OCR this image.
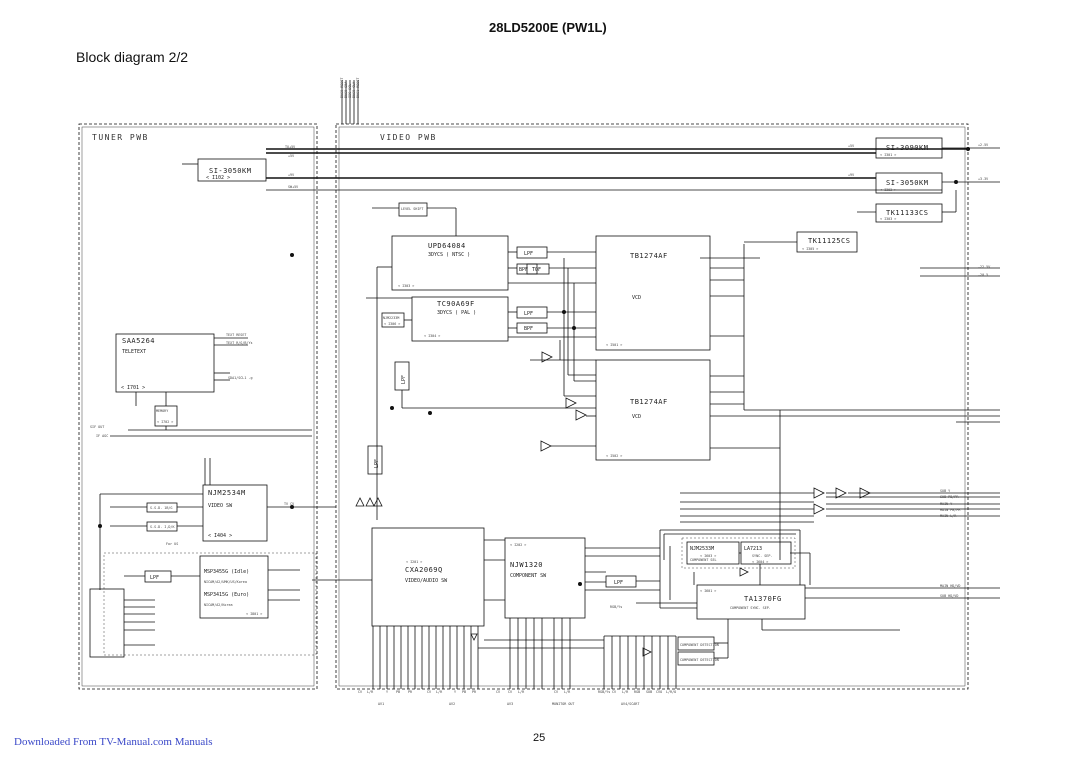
28LD5200E (PW1L)
Block diagram 2/2
BUS0 RESET BUS0 SDA IIC SCL BUS0 CLK BUS1 RESET
TUNER PWB	VIDEO PWB
SI-3050KM
< I102 >
SAA5264
TELETEXT
< I701 >
MEMORY
< I702 >
NJM2534M
VIDEO SW
< I404 >
S.S.D. 1B/G
S.S.D. I,D/K
MSP3455G (Idle)
NICAM/A2/UMK/US/Korea
MSP3415G (Euro)
NICAM/A2/Korea
< I801 >
LPF
LEVEL SHIFT
UPD64084
3DYCS ( NTSC )
< I303 >
TC90A69F
3DYCS ( PAL )
< I304 >
NJM2233M
< I306 >
LPF
BPF TOF
LPF
BPF
LPF
LPF
TB1274AF
VCD
< I501 >
TB1274AF
VCD
< I502 >
SI-3090KM
< I301 >
SI-3050KM
< I302 >
TK11133CS
< I303 >
TK11125CS
< I305 >
CXA2069Q
VIDEO/AUDIO SW
< I201 >	NJW1320
COMPONENT SW
< I202 >
LPF
NJM2533M
COMPONENT SEL
< I603 >
LA7213
SYNC. SEP.
< I604 >
TA1370FG
COMPONENT SYNC. SEP.
< I601 >
COMPONENT DETECTION
COMPONENT DETECTION
TU+5V
+5V
+9V
SW+5V
SIF OUT
IF AGC
TEXT RESET
TEXT R/G/B/Ys
SDA1/SCL1 -g
TV CV
For US
RGB/Ys
SUB Y
SUB PB/PR
MAIN Y
MAIN PB/PR
MAIN L/R
MAIN HD/VD
SUB HD/VD
-22.5V
-20.5
+2.5V
+3.3V
+5V
+9V
CV L/R	Y PB PR	CV L/R	Y PB PR	CV CV L/R	CV L/R	RGB/Ys CV L/R RGB SUB CVO L/R/O
AV1	AV2	AV3	MONITOR OUT	AV4/SCART
25
Downloaded From TV-Manual.com Manuals
